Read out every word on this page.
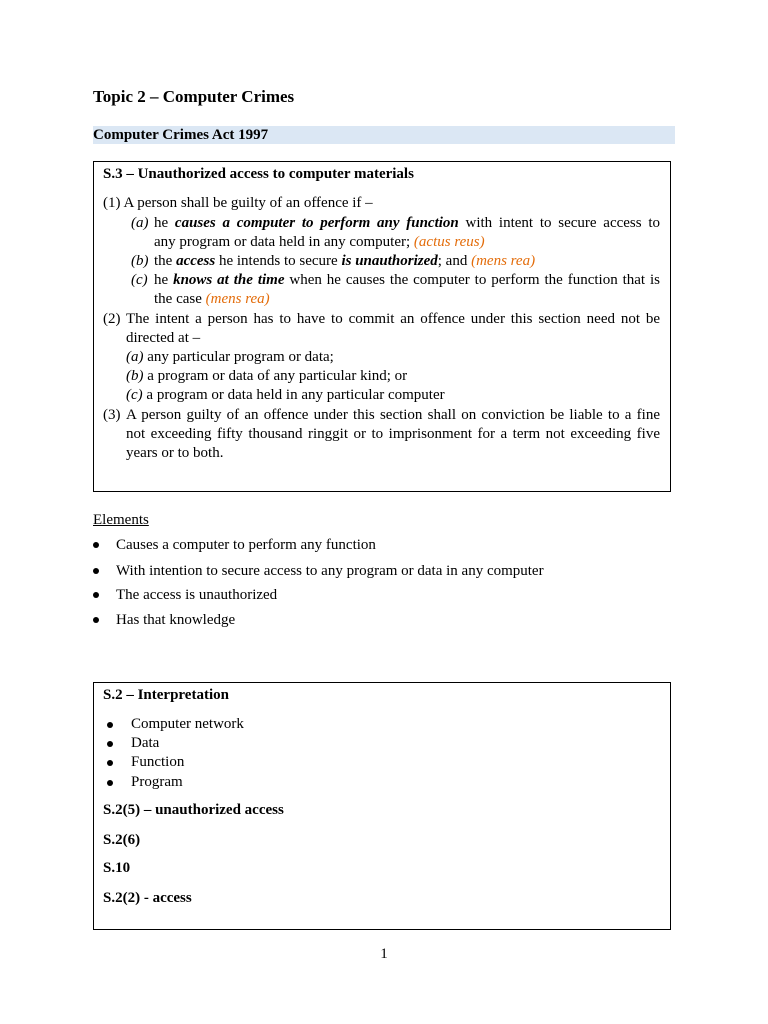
Topic 2 – Computer Crimes
Computer Crimes Act 1997
S.3 – Unauthorized access to computer materials
(1) A person shall be guilty of an offence if –
(a) he causes a computer to perform any function with intent to secure access to
any program or data held in any computer; (actus reus)
(b) the access he intends to secure is unauthorized; and (mens rea)
(c) he knows at the time when he causes the computer to perform the function that is
the case (mens rea)
(2) The intent a person has to have to commit an offence under this section need not be
directed at –
(a) any particular program or data;
(b) a program or data of any particular kind; or
(c) a program or data held in any particular computer
(3) A person guilty of an offence under this section shall on conviction be liable to a fine
not exceeding fifty thousand ringgit or to imprisonment for a term not exceeding five
years or to both.
Elements
Causes a computer to perform any function
With intention to secure access to any program or data in any computer
The access is unauthorized
Has that knowledge
S.2 – Interpretation
Computer network
Data
Function
Program
S.2(5) – unauthorized access
S.2(6)
S.10
S.2(2) - access
1
